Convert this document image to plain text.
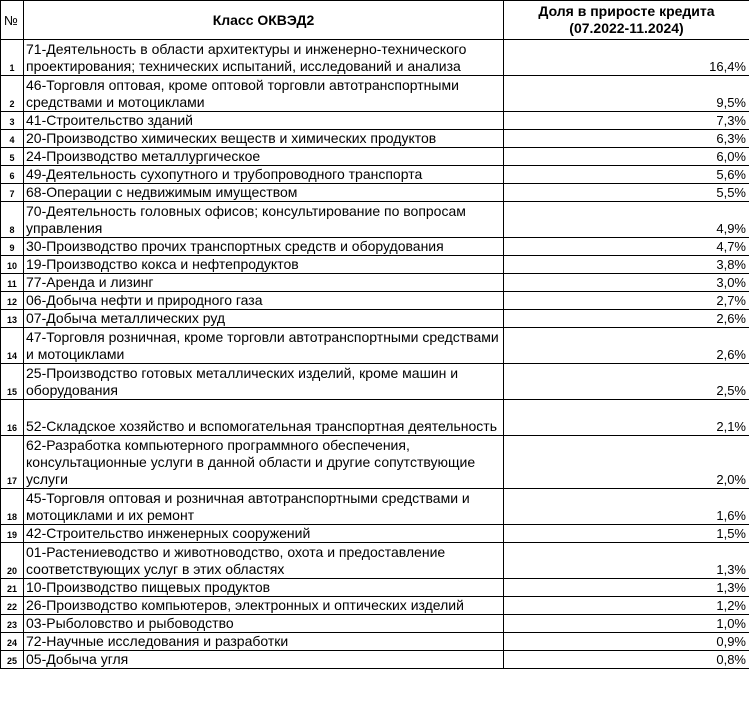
№	Класс ОКВЭД2	Доля в приросте кредита
(07.2022-11.2024)
1	71-Деятельность в области архитектуры и инженерно-технического проектирования; технических испытаний, исследований и анализа	16,4%
2	46-Торговля оптовая, кроме оптовой торговли автотранспортными средствами и мотоциклами	9,5%
3	41-Строительство зданий	7,3%
4	20-Производство химических веществ и химических продуктов	6,3%
5	24-Производство металлургическое	6,0%
6	49-Деятельность сухопутного и трубопроводного транспорта	5,6%
7	68-Операции с недвижимым имуществом	5,5%
8	70-Деятельность головных офисов; консультирование по вопросам управления	4,9%
9	30-Производство прочих транспортных средств и оборудования	4,7%
10	19-Производство кокса и нефтепродуктов	3,8%
11	77-Аренда и лизинг	3,0%
12	06-Добыча нефти и природного газа	2,7%
13	07-Добыча металлических руд	2,6%
14	47-Торговля розничная, кроме торговли автотранспортными средствами и мотоциклами	2,6%
15	25-Производство готовых металлических изделий, кроме машин и оборудования	2,5%
16	52-Складское хозяйство и вспомогательная транспортная деятельность	2,1%
17	62-Разработка компьютерного программного обеспечения, консультационные услуги в данной области и другие сопутствующие услуги	2,0%
18	45-Торговля оптовая и розничная автотранспортными средствами и мотоциклами и их ремонт	1,6%
19	42-Строительство инженерных сооружений	1,5%
20	01-Растениеводство и животноводство, охота и предоставление соответствующих услуг в этих областях	1,3%
21	10-Производство пищевых продуктов	1,3%
22	26-Производство компьютеров, электронных и оптических изделий	1,2%
23	03-Рыболовство и рыбоводство	1,0%
24	72-Научные исследования и разработки	0,9%
25	05-Добыча угля	0,8%
